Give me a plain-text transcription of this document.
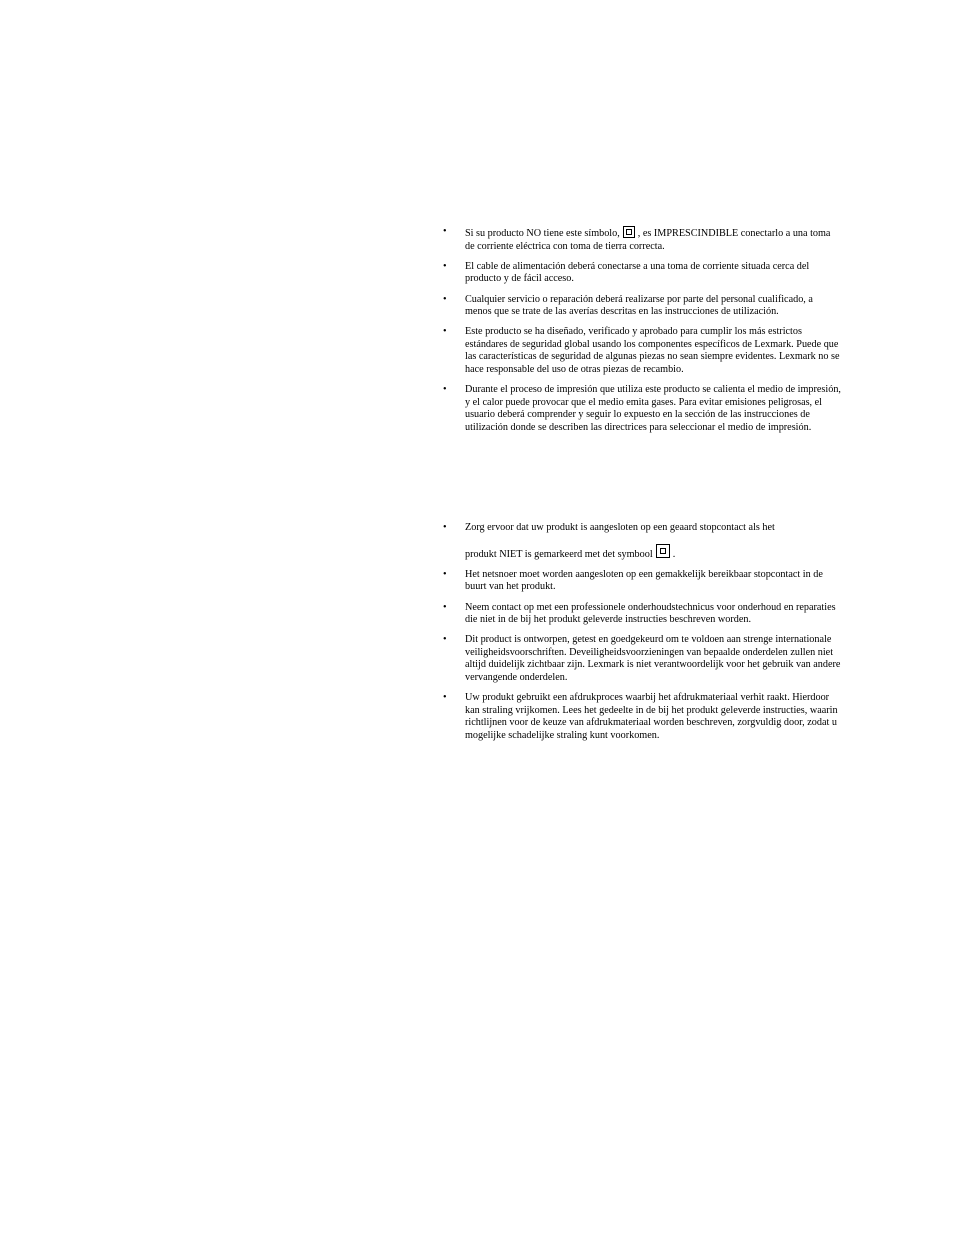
• Si su producto NO tiene este símbolo, , es IMPRESCINDIBLE conectarlo a una toma de corriente eléctrica con toma de tierra correcta.
• El cable de alimentación deberá conectarse a una toma de corriente situada cerca del producto y de fácil acceso.
• Cualquier servicio o reparación deberá realizarse por parte del personal cualificado, a menos que se trate de las averías descritas en las instrucciones de utilización.
• Este producto se ha diseñado, verificado y aprobado para cumplir los más estrictos estándares de seguridad global usando los componentes específicos de Lexmark. Puede que las características de seguridad de algunas piezas no sean siempre evidentes. Lexmark no se hace responsable del uso de otras piezas de recambio.
• Durante el proceso de impresión que utiliza este producto se calienta el medio de impresión, y el calor puede provocar que el medio emita gases. Para evitar emisiones peligrosas, el usuario deberá comprender y seguir lo expuesto en la sección de las instrucciones de utilización donde se describen las directrices para seleccionar el medio de impresión.
• Zorg ervoor dat uw produkt is aangesloten op een geaard stopcontact als het
produkt NIET is gemarkeerd met det symbool .
• Het netsnoer moet worden aangesloten op een gemakkelijk bereikbaar stopcontact in de buurt van het produkt.
• Neem contact op met een professionele onderhoudstechnicus voor onderhoud en reparaties die niet in de bij het produkt geleverde instructies beschreven worden.
• Dit product is ontworpen, getest en goedgekeurd om te voldoen aan strenge internationale veiligheidsvoorschriften. Deveiligheidsvoorzieningen van bepaalde onderdelen zullen niet altijd duidelijk zichtbaar zijn. Lexmark is niet verantwoordelijk voor het gebruik van andere vervangende onderdelen.
• Uw produkt gebruikt een afdrukproces waarbij het afdrukmateriaal verhit raakt. Hierdoor kan straling vrijkomen. Lees het gedeelte in de bij het produkt geleverde instructies, waarin richtlijnen voor de keuze van afdrukmateriaal worden beschreven, zorgvuldig door, zodat u mogelijke schadelijke straling kunt voorkomen.
